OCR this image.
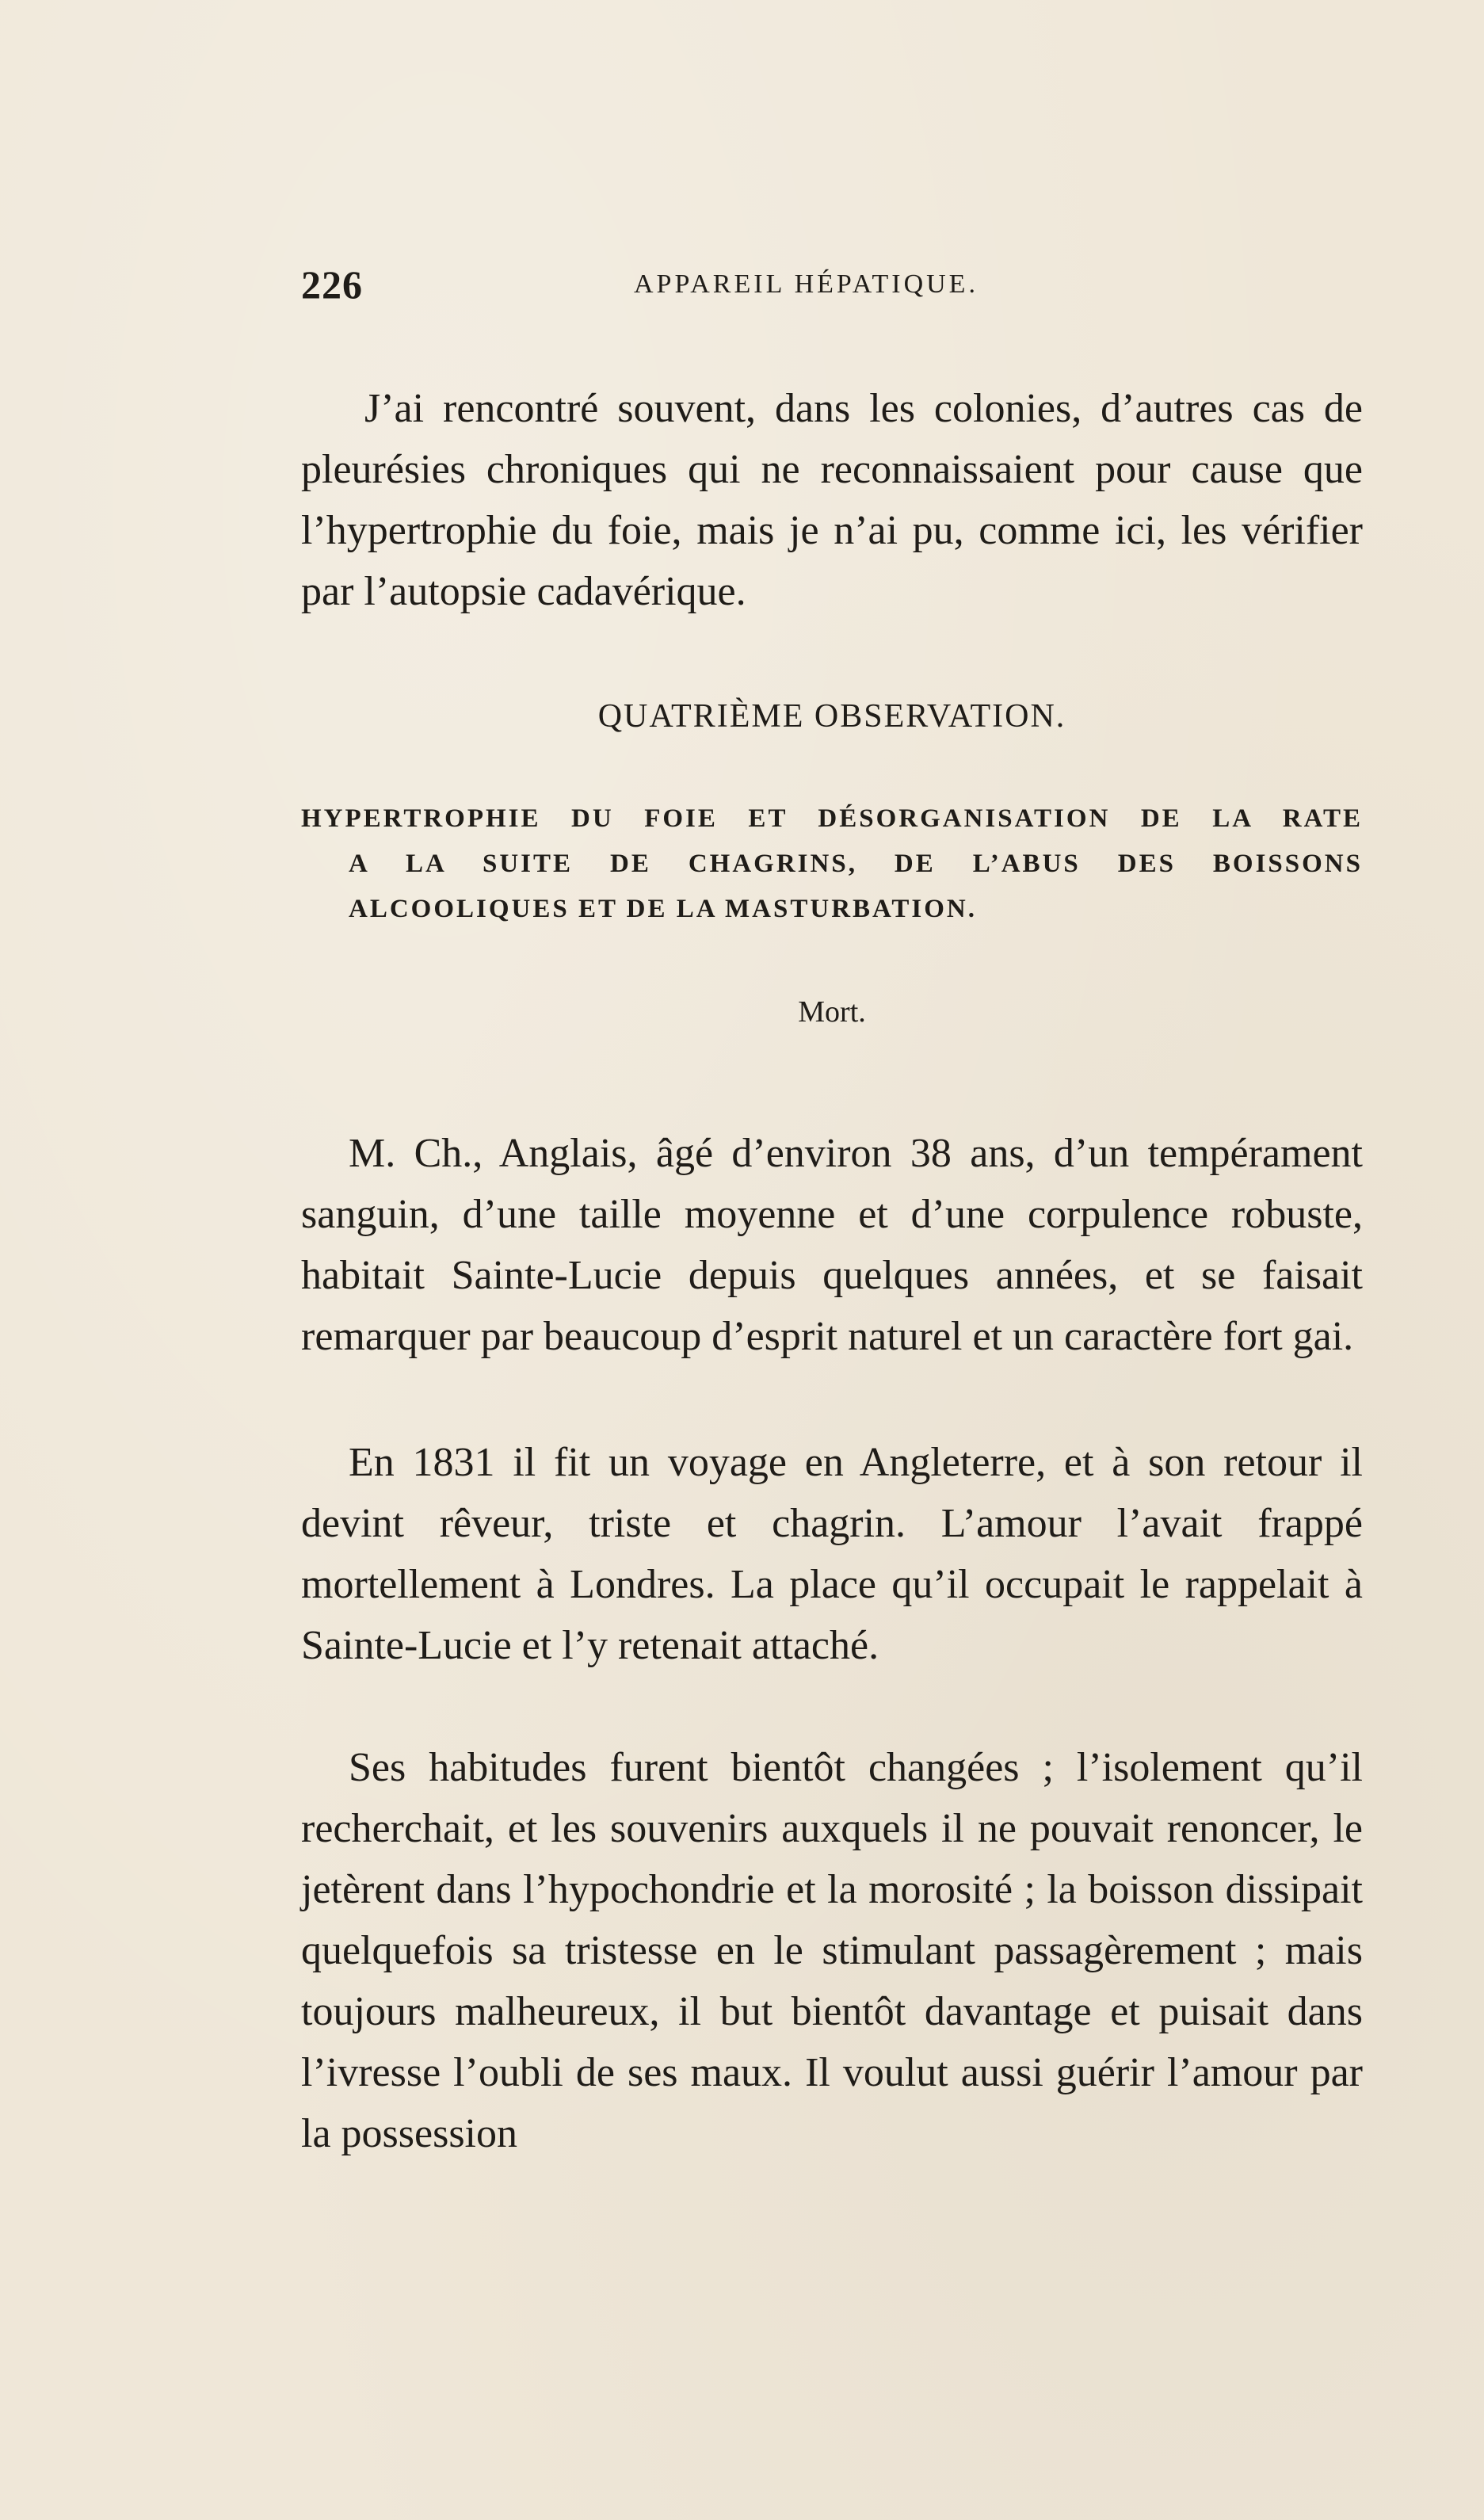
226	APPAREIL HÉPATIQUE.

J’ai rencontré souvent, dans les colonies, d’autres cas de pleurésies chroniques qui ne reconnaissaient pour cause que l’hypertrophie du foie, mais je n’ai pu, comme ici, les vérifier par l’autopsie cadavérique.

QUATRIÈME OBSERVATION.
HYPERTROPHIE DU FOIE ET DÉSORGANISATION DE LA RATE
A LA SUITE DE CHAGRINS, DE L’ABUS DES BOISSONS
ALCOOLIQUES ET DE LA MASTURBATION.
Mort.

M. Ch., Anglais, âgé d’environ 38 ans, d’un tempérament sanguin, d’une taille moyenne et d’une corpulence robuste, habitait Sainte-Lucie depuis quelques années, et se faisait remarquer par beaucoup d’esprit naturel et un caractère fort gai.

En 1831 il fit un voyage en Angleterre, et à son retour il devint rêveur, triste et chagrin. L’amour l’avait frappé mortellement à Londres. La place qu’il occupait le rappelait à Sainte-Lucie et l’y retenait attaché.

Ses habitudes furent bientôt changées ; l’isolement qu’il recherchait, et les souvenirs auxquels il ne pouvait renoncer, le jetèrent dans l’hypochondrie et la morosité ; la boisson dissipait quelquefois sa tristesse en le stimulant passagèrement ; mais toujours malheureux, il but bientôt davantage et puisait dans l’ivresse l’oubli de ses maux. Il voulut aussi guérir l’amour par la possession
